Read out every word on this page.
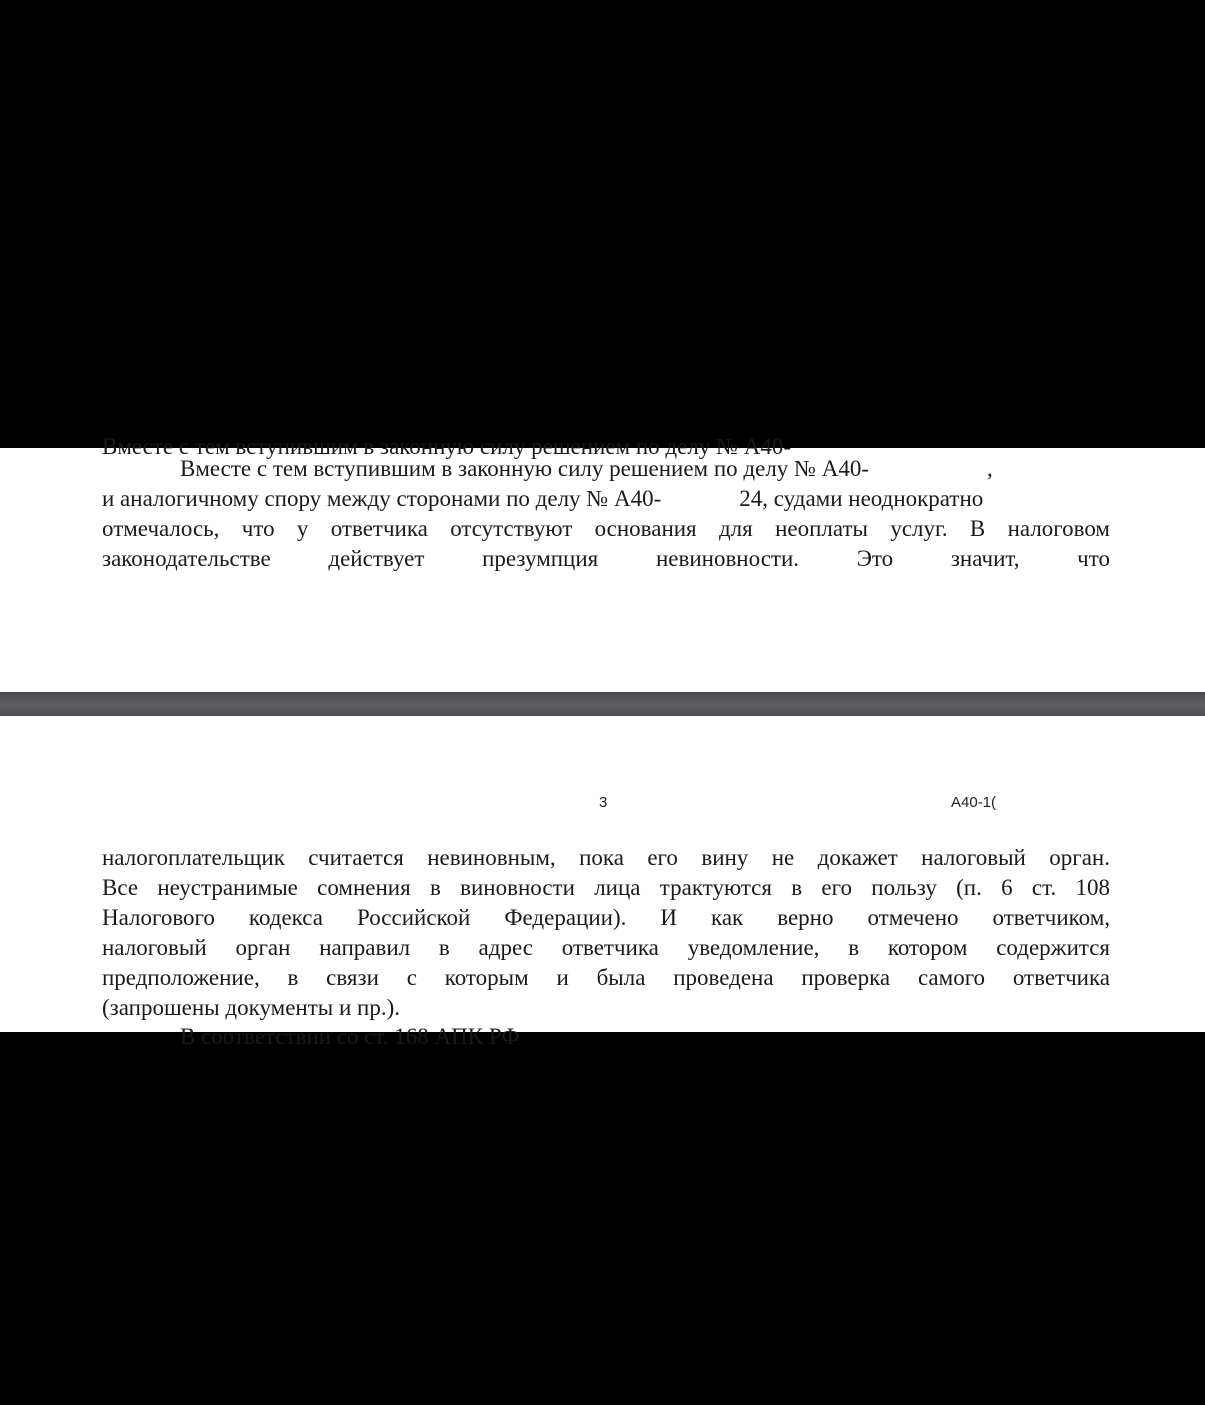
Вместе с тем вступившим в законную силу решением по делу № А40-
Вместе с тем вступившим в законную силу решением по делу № А40-	,
и аналогичному спору между сторонами по делу № А40-	24, судами неоднократно
отмечалось, что у ответчика отсутствуют основания для неоплаты услуг. В налоговом
законодательстве действует презумпция невиновности. Это значит, что
3	А40-1(
налогоплательщик считается невиновным, пока его вину не докажет налоговый орган.
Все неустранимые сомнения в виновности лица трактуются в его пользу (п. 6 ст. 108
Налогового кодекса Российской Федерации). И как верно отмечено ответчиком,
налоговый орган направил в адрес ответчика уведомление, в котором содержится
предположение, в связи с которым и была проведена проверка самого ответчика
(запрошены документы и пр.).
В соответствии со ст. 168 АПК РФ
